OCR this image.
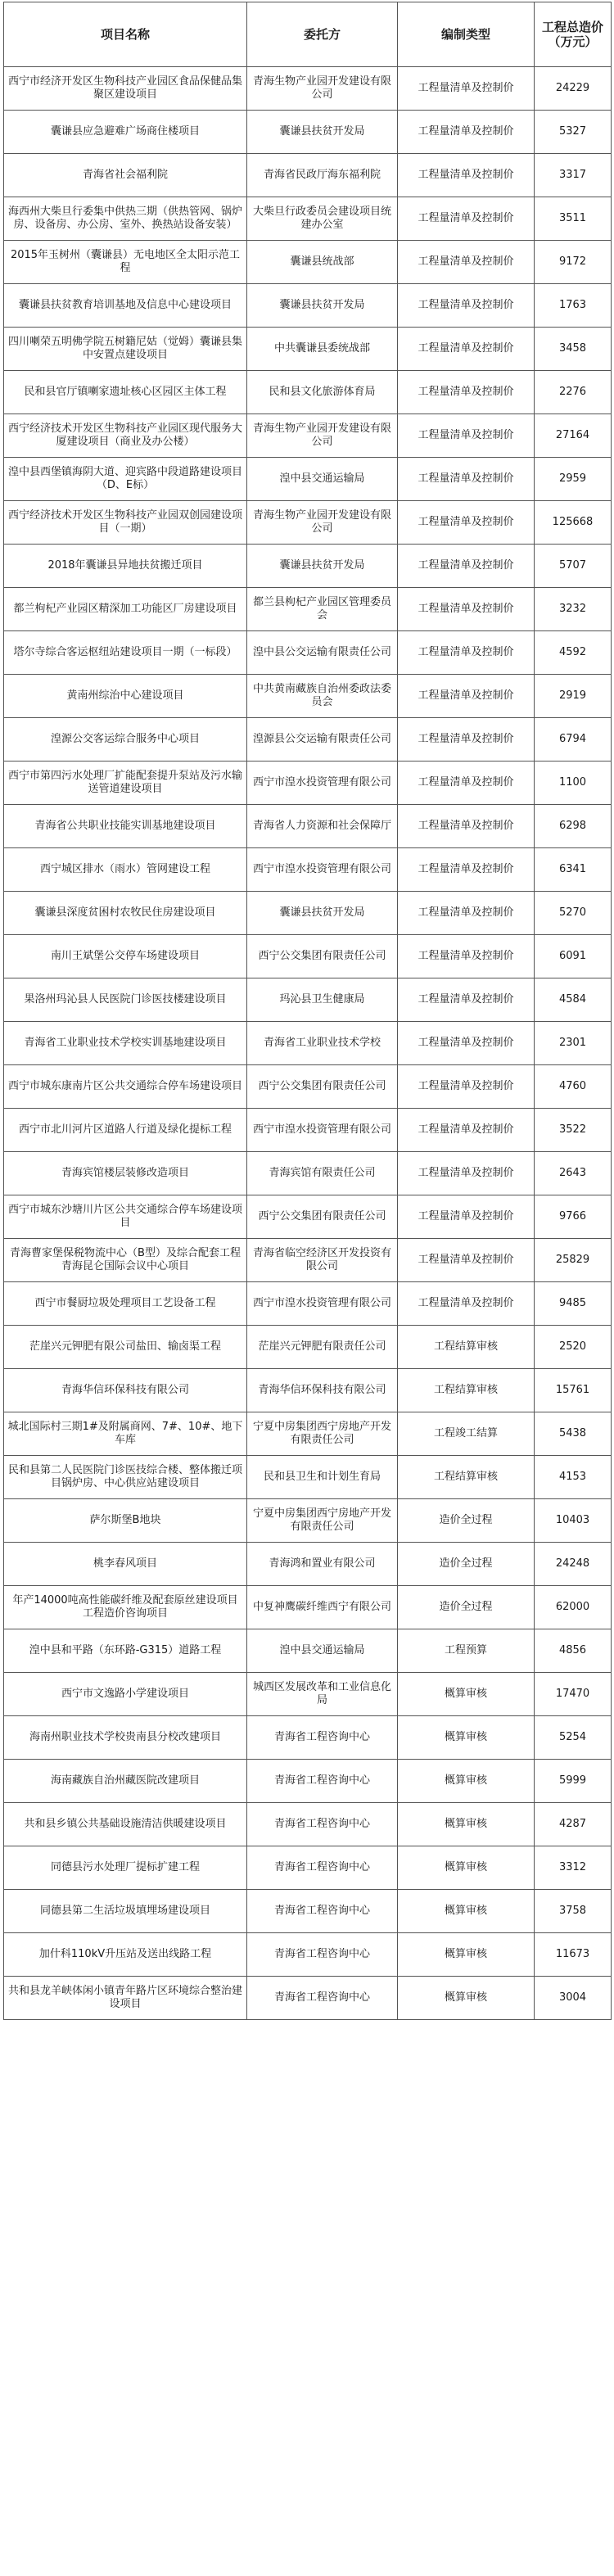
项目名称	委托方	编制类型	工程总造价（万元）
西宁市经济开发区生物科技产业园区食品保健品集聚区建设项目	青海生物产业园开发建设有限公司	工程量清单及控制价	24229
囊谦县应急避难广场商住楼项目	囊谦县扶贫开发局	工程量清单及控制价	5327
青海省社会福利院	青海省民政厅海东福利院	工程量清单及控制价	3317
海西州大柴旦行委集中供热三期（供热管网、锅炉房、设备房、办公房、室外、换热站设备安装）	大柴旦行政委员会建设项目统建办公室	工程量清单及控制价	3511
2015年玉树州（囊谦县）无电地区全太阳示范工程	囊谦县统战部	工程量清单及控制价	9172
囊谦县扶贫教育培训基地及信息中心建设项目	囊谦县扶贫开发局	工程量清单及控制价	1763
四川喇荣五明佛学院五树籍尼姑（觉姆）囊谦县集中安置点建设项目	中共囊谦县委统战部	工程量清单及控制价	3458
民和县官厅镇喇家遗址核心区园区主体工程	民和县文化旅游体育局	工程量清单及控制价	2276
西宁经济技术开发区生物科技产业园区现代服务大厦建设项目（商业及办公楼）	青海生物产业园开发建设有限公司	工程量清单及控制价	27164
湟中县西堡镇海阴大道、迎宾路中段道路建设项目（D、E标）	湟中县交通运输局	工程量清单及控制价	2959
西宁经济技术开发区生物科技产业园双创园建设项目（一期）	青海生物产业园开发建设有限公司	工程量清单及控制价	125668
2018年囊谦县异地扶贫搬迁项目	囊谦县扶贫开发局	工程量清单及控制价	5707
都兰枸杞产业园区精深加工功能区厂房建设项目	都兰县枸杞产业园区管理委员会	工程量清单及控制价	3232
塔尔寺综合客运枢纽站建设项目一期（一标段）	湟中县公交运输有限责任公司	工程量清单及控制价	4592
黄南州综治中心建设项目	中共黄南藏族自治州委政法委员会	工程量清单及控制价	2919
湟源公交客运综合服务中心项目	湟源县公交运输有限责任公司	工程量清单及控制价	6794
西宁市第四污水处理厂扩能配套提升泵站及污水输送管道建设项目	西宁市湟水投资管理有限公司	工程量清单及控制价	1100
青海省公共职业技能实训基地建设项目	青海省人力资源和社会保障厅	工程量清单及控制价	6298
西宁城区排水（雨水）管网建设工程	西宁市湟水投资管理有限公司	工程量清单及控制价	6341
囊谦县深度贫困村农牧民住房建设项目	囊谦县扶贫开发局	工程量清单及控制价	5270
南川王斌堡公交停车场建设项目	西宁公交集团有限责任公司	工程量清单及控制价	6091
果洛州玛沁县人民医院门诊医技楼建设项目	玛沁县卫生健康局	工程量清单及控制价	4584
青海省工业职业技术学校实训基地建设项目	青海省工业职业技术学校	工程量清单及控制价	2301
西宁市城东康南片区公共交通综合停车场建设项目	西宁公交集团有限责任公司	工程量清单及控制价	4760
西宁市北川河片区道路人行道及绿化提标工程	西宁市湟水投资管理有限公司	工程量清单及控制价	3522
青海宾馆楼层装修改造项目	青海宾馆有限责任公司	工程量清单及控制价	2643
西宁市城东沙塘川片区公共交通综合停车场建设项目	西宁公交集团有限责任公司	工程量清单及控制价	9766
青海曹家堡保税物流中心（B型）及综合配套工程青海昆仑国际会议中心项目	青海省临空经济区开发投资有限公司	工程量清单及控制价	25829
西宁市餐厨垃圾处理项目工艺设备工程	西宁市湟水投资管理有限公司	工程量清单及控制价	9485
茫崖兴元钾肥有限公司盐田、输卤渠工程	茫崖兴元钾肥有限责任公司	工程结算审核	2520
青海华信环保科技有限公司	青海华信环保科技有限公司	工程结算审核	15761
城北国际村三期1#及附属商网、7#、10#、地下车库	宁夏中房集团西宁房地产开发有限责任公司	工程竣工结算	5438
民和县第二人民医院门诊医技综合楼、整体搬迁项目锅炉房、中心供应站建设项目	民和县卫生和计划生育局	工程结算审核	4153
萨尔斯堡B地块	宁夏中房集团西宁房地产开发有限责任公司	造价全过程	10403
桃李春风项目	青海鸿和置业有限公司	造价全过程	24248
年产14000吨高性能碳纤维及配套原丝建设项目工程造价咨询项目	中复神鹰碳纤维西宁有限公司	造价全过程	62000
湟中县和平路（东环路-G315）道路工程	湟中县交通运输局	工程预算	4856
西宁市文逸路小学建设项目	城西区发展改革和工业信息化局	概算审核	17470
海南州职业技术学校贵南县分校改建项目	青海省工程咨询中心	概算审核	5254
海南藏族自治州藏医院改建项目	青海省工程咨询中心	概算审核	5999
共和县乡镇公共基础设施清洁供暖建设项目	青海省工程咨询中心	概算审核	4287
同德县污水处理厂提标扩建工程	青海省工程咨询中心	概算审核	3312
同德县第二生活垃圾填埋场建设项目	青海省工程咨询中心	概算审核	3758
加什科110kV升压站及送出线路工程	青海省工程咨询中心	概算审核	11673
共和县龙羊峡体闲小镇青年路片区环境综合整治建设项目	青海省工程咨询中心	概算审核	3004
